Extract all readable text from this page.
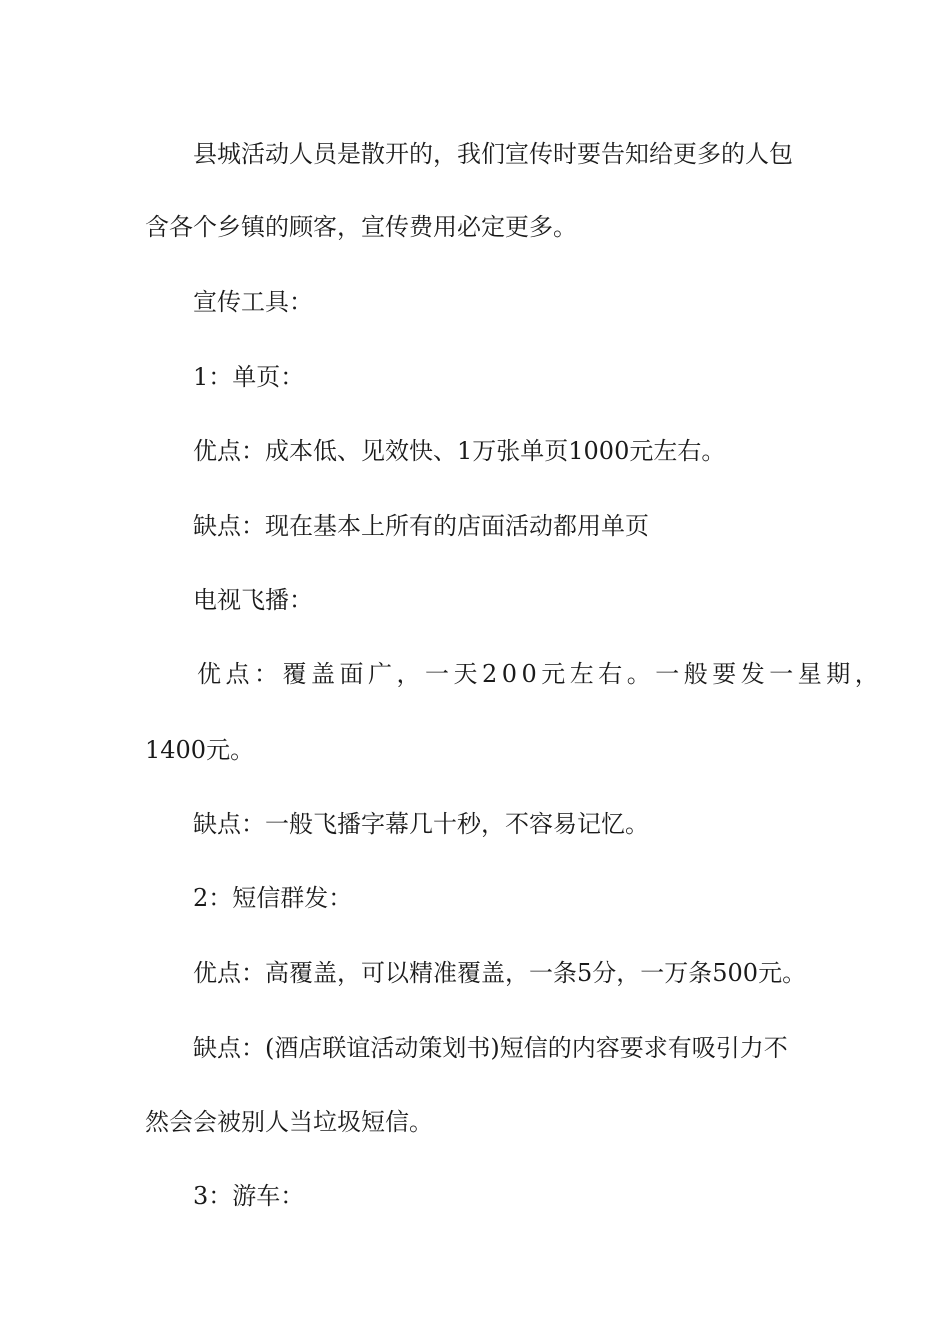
县城活动人员是散开的，我们宣传时要告知给更多的人包
含各个乡镇的顾客，宣传费用必定更多。
宣传工具：
1：单页：
优点：成本低、见效快、1万张单页1000元左右。
缺点：现在基本上所有的店面活动都用单页
电视飞播：
优点：覆盖面广，一天200元左右。一般要发一星期，
1400元。
缺点：一般飞播字幕几十秒，不容易记忆。
2：短信群发：
优点：高覆盖，可以精准覆盖，一条5分，一万条500元。
缺点：(酒店联谊活动策划书)短信的内容要求有吸引力不
然会会被别人当垃圾短信。
3：游车：
